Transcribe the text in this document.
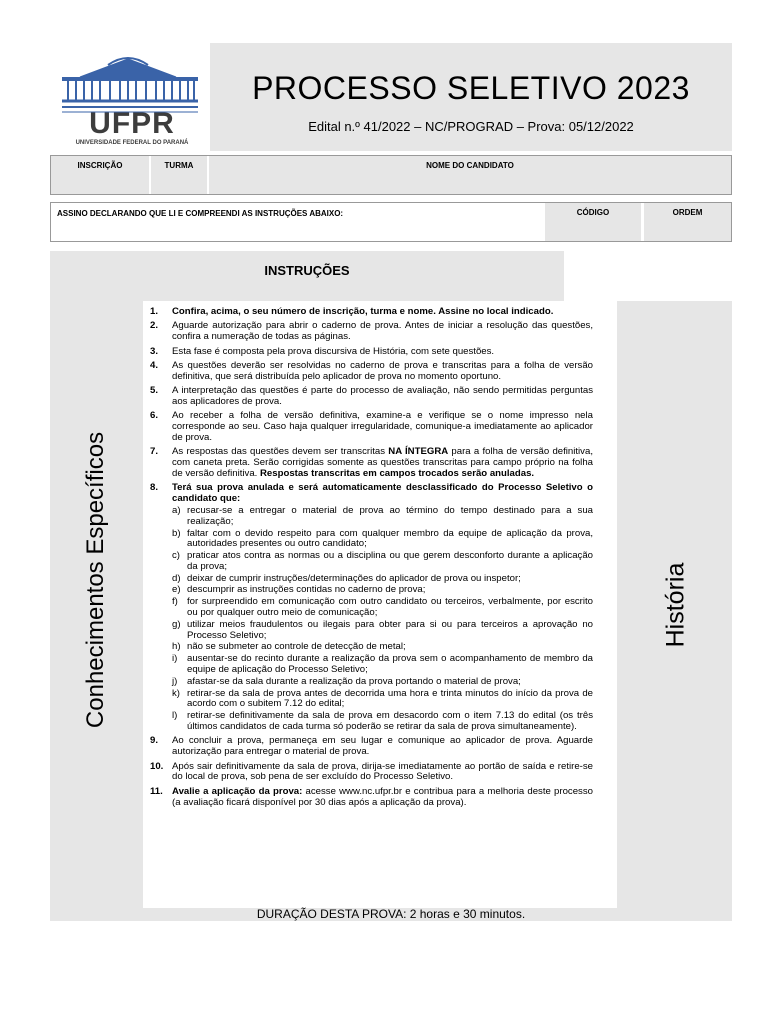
UFPR
UNIVERSIDADE FEDERAL DO PARANÁ
PROCESSO SELETIVO 2023
Edital n.º 41/2022 – NC/PROGRAD – Prova: 05/12/2022
INSCRIÇÃO	TURMA	NOME DO CANDIDATO
ASSINO DECLARANDO QUE LI E COMPREENDI AS INSTRUÇÕES ABAIXO:	CÓDIGO	ORDEM
INSTRUÇÕES
Conhecimentos Específicos	História
1.	Confira, acima, o seu número de inscrição, turma e nome. Assine no local indicado.
2.	Aguarde autorização para abrir o caderno de prova. Antes de iniciar a resolução das questões, confira a numeração de todas as páginas.
3.	Esta fase é composta pela prova discursiva de História, com sete questões.
4.	As questões deverão ser resolvidas no caderno de prova e transcritas para a folha de versão definitiva, que será distribuída pelo aplicador de prova no momento oportuno.
5.	A interpretação das questões é parte do processo de avaliação, não sendo permitidas perguntas aos aplicadores de prova.
6.	Ao receber a folha de versão definitiva, examine-a e verifique se o nome impresso nela corresponde ao seu. Caso haja qualquer irregularidade, comunique-a imediatamente ao aplicador de prova.
7.	As respostas das questões devem ser transcritas NA ÍNTEGRA para a folha de versão definitiva, com caneta preta. Serão corrigidas somente as questões transcritas para campo próprio na folha de versão definitiva. Respostas transcritas em campos trocados serão anuladas.
8.	Terá sua prova anulada e será automaticamente desclassificado do Processo Seletivo o candidato que:
a) recusar-se a entregar o material de prova ao término do tempo destinado para a sua realização;
b) faltar com o devido respeito para com qualquer membro da equipe de aplicação da prova, autoridades presentes ou outro candidato;
c) praticar atos contra as normas ou a disciplina ou que gerem desconforto durante a aplicação da prova;
d) deixar de cumprir instruções/determinações do aplicador de prova ou inspetor;
e) descumprir as instruções contidas no caderno de prova;
f) for surpreendido em comunicação com outro candidato ou terceiros, verbalmente, por escrito ou por qualquer outro meio de comunicação;
g) utilizar meios fraudulentos ou ilegais para obter para si ou para terceiros a aprovação no Processo Seletivo;
h) não se submeter ao controle de detecção de metal;
i)	ausentar-se do recinto durante a realização da prova sem o acompanhamento de membro da equipe de aplicação do Processo Seletivo;
j)	afastar-se da sala durante a realização da prova portando o material de prova;
k) retirar-se da sala de prova antes de decorrida uma hora e trinta minutos do início da prova de acordo com o subitem 7.12 do edital;
l)	retirar-se definitivamente da sala de prova em desacordo com o item 7.13 do edital (os três últimos candidatos de cada turma só poderão se retirar da sala de prova simultaneamente).
9.	Ao concluir a prova, permaneça em seu lugar e comunique ao aplicador de prova. Aguarde autorização para entregar o material de prova.
10. Após sair definitivamente da sala de prova, dirija-se imediatamente ao portão de saída e retire-se do local de prova, sob pena de ser excluído do Processo Seletivo.
11. Avalie a aplicação da prova: acesse www.nc.ufpr.br e contribua para a melhoria deste processo (a avaliação ficará disponível por 30 dias após a aplicação da prova).
DURAÇÃO DESTA PROVA: 2 horas e 30 minutos.
